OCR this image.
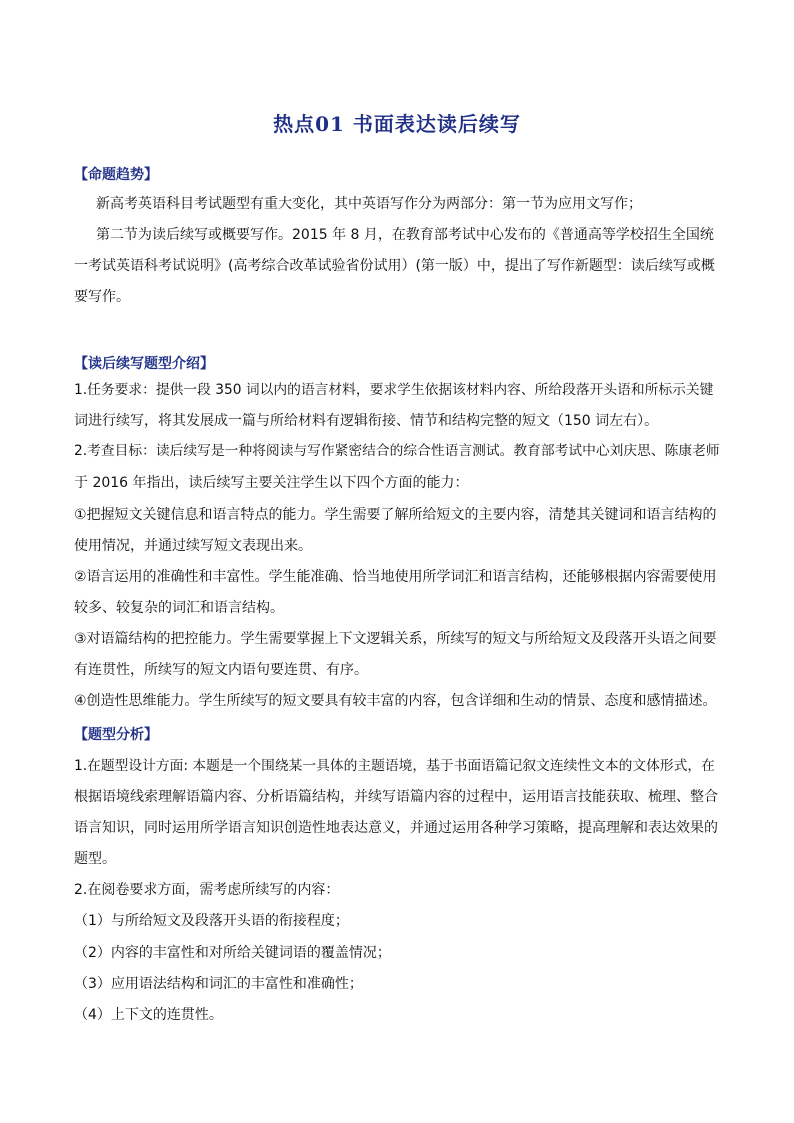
热点01 书面表达读后续写
【命题趋势】
新高考英语科目考试题型有重大变化，其中英语写作分为两部分：第一节为应用文写作；
第二节为读后续写或概要写作。2015 年 8 月，在教育部考试中心发布的《普通高等学校招生全国统
一考试英语科考试说明》(高考综合改革试验省份试用）(第一版）中，提出了写作新题型：读后续写或概
要写作。
【读后续写题型介绍】
1.任务要求：提供一段 350 词以内的语言材料，要求学生依据该材料内容、所给段落开头语和所标示关键
词进行续写，将其发展成一篇与所给材料有逻辑衔接、情节和结构完整的短文（150 词左右）。
2.考查目标：读后续写是一种将阅读与写作紧密结合的综合性语言测试。教育部考试中心刘庆思、陈康老师
于 2016 年指出，读后续写主要关注学生以下四个方面的能力：
①把握短文关键信息和语言特点的能力。学生需要了解所给短文的主要内容，清楚其关键词和语言结构的
使用情况，并通过续写短文表现出来。
②语言运用的准确性和丰富性。学生能准确、恰当地使用所学词汇和语言结构，还能够根据内容需要使用
较多、较复杂的词汇和语言结构。
③对语篇结构的把控能力。学生需要掌握上下文逻辑关系，所续写的短文与所给短文及段落开头语之间要
有连贯性，所续写的短文内语句要连贯、有序。
④创造性思维能力。学生所续写的短文要具有较丰富的内容，包含详细和生动的情景、态度和感情描述。
【题型分析】
1.在题型设计方面: 本题是一个围绕某一具体的主题语境，基于书面语篇记叙文连续性文本的文体形式，在
根据语境线索理解语篇内容、分析语篇结构，并续写语篇内容的过程中，运用语言技能获取、梳理、整合
语言知识，同时运用所学语言知识创造性地表达意义，并通过运用各种学习策略，提高理解和表达效果的
题型。
2.在阅卷要求方面，需考虑所续写的内容：
（1）与所给短文及段落开头语的衔接程度；
（2）内容的丰富性和对所给关键词语的覆盖情况；
（3）应用语法结构和词汇的丰富性和准确性；
（4）上下文的连贯性。
